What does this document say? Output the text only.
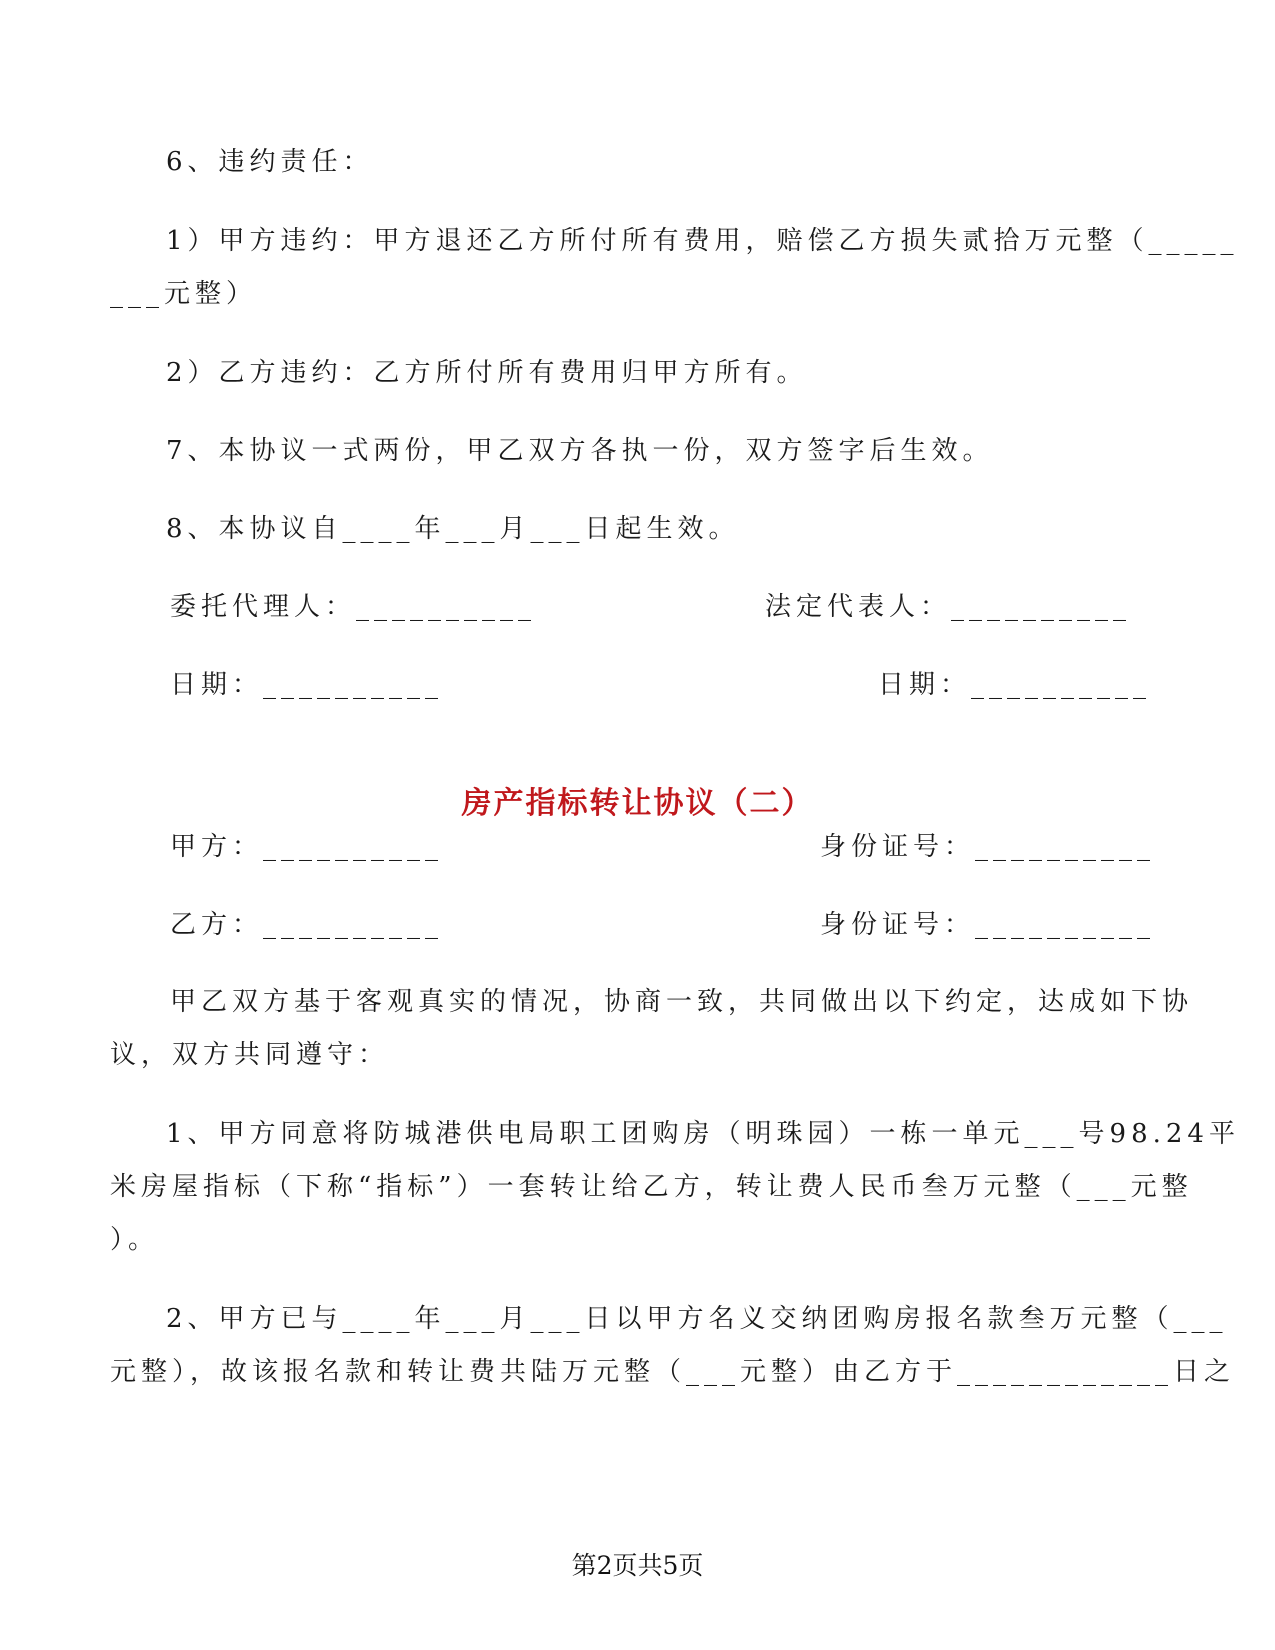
6、违约责任：
1）甲方违约：甲方退还乙方所付所有费用，赔偿乙方损失贰拾万元整（_____
___元整）
2）乙方违约：乙方所付所有费用归甲方所有。
7、本协议一式两份，甲乙双方各执一份，双方签字后生效。
8、本协议自____年___月___日起生效。
委托代理人：__________	法定代表人：__________
日期：__________	日期：__________
房产指标转让协议（二）
甲方：__________	身份证号：__________
乙方：__________	身份证号：__________
甲乙双方基于客观真实的情况，协商一致，共同做出以下约定，达成如下协
议，双方共同遵守：
1、甲方同意将防城港供电局职工团购房（明珠园）一栋一单元___号98.24平
米房屋指标（下称“指标”）一套转让给乙方，转让费人民币叁万元整（___元整
）。
2、甲方已与____年___月___日以甲方名义交纳团购房报名款叁万元整（___
元整），故该报名款和转让费共陆万元整（___元整）由乙方于____________日之
第2页共5页
